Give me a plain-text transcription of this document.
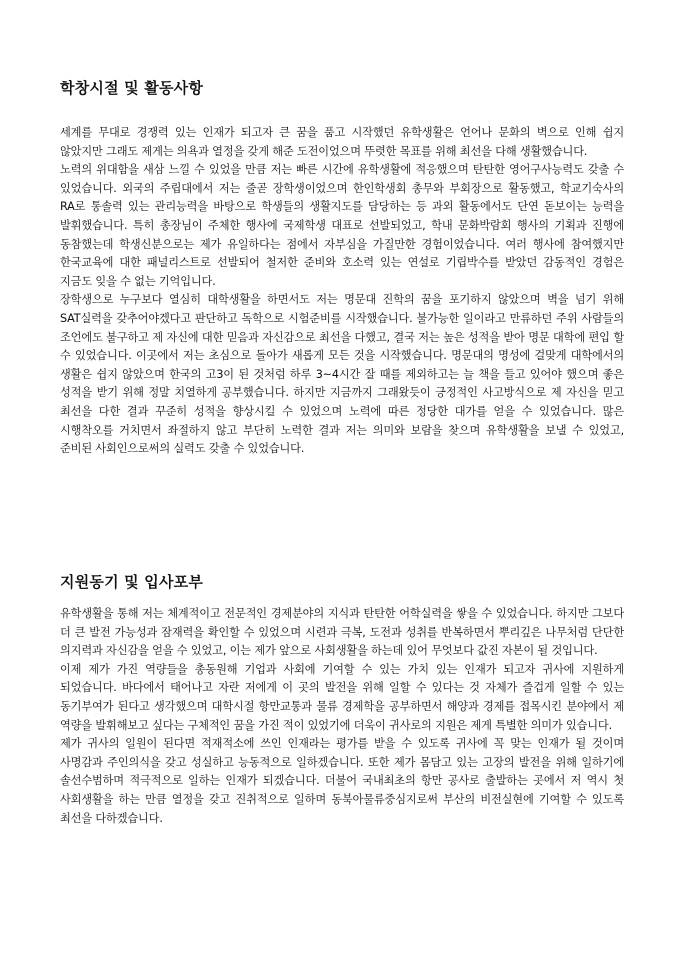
학창시절 및 활동사항

세계를 무대로 경쟁력 있는 인재가 되고자 큰 꿈을 품고 시작했던 유학생활은 언어나 문화의 벽으로 인해 쉽지 않았지만 그래도 제게는 의욕과 열정을 갖게 해준 도전이었으며 뚜렷한 목표를 위해 최선을 다해 생활했습니다.

노력의 위대함을 새삼 느낄 수 있었을 만큼 저는 빠른 시간에 유학생활에 적응했으며 탄탄한 영어구사능력도 갖출 수 있었습니다. 외국의 주립대에서 저는 줄곧 장학생이었으며 한인학생회 총무와 부회장으로 활동했고, 학교기숙사의 RA로 통솔력 있는 관리능력을 바탕으로 학생들의 생활지도를 담당하는 등 과외 활동에서도 단연 돋보이는 능력을 발휘했습니다. 특히 총장님이 주체한 행사에 국제학생 대표로 선발되었고, 학내 문화박람회 행사의 기획과 진행에 동참했는데 학생신분으로는 제가 유일하다는 점에서 자부심을 가질만한 경험이었습니다. 여러 행사에 참여했지만 한국교육에 대한 패널리스트로 선발되어 철저한 준비와 호소력 있는 연설로 기립박수를 받았던 감동적인 경험은 지금도 잊을 수 없는 기억입니다.

장학생으로 누구보다 열심히 대학생활을 하면서도 저는 명문대 진학의 꿈을 포기하지 않았으며 벽을 넘기 위해 SAT실력을 갖추어야겠다고 판단하고 독학으로 시험준비를 시작했습니다. 불가능한 일이라고 만류하던 주위 사람들의 조언에도 불구하고 제 자신에 대한 믿음과 자신감으로 최선을 다했고, 결국 저는 높은 성적을 받아 명문 대학에 편입 할 수 있었습니다. 이곳에서 저는 초심으로 돌아가 새롭게 모든 것을 시작했습니다. 명문대의 명성에 걸맞게 대학에서의 생활은 쉽지 않았으며 한국의 고3이 된 것처럼 하루 3~4시간 잘 때를 제외하고는 늘 책을 들고 있어야 했으며 좋은 성적을 받기 위해 정말 치열하게 공부했습니다. 하지만 지금까지 그래왔듯이 긍정적인 사고방식으로 제 자신을 믿고 최선을 다한 결과 꾸준히 성적을 향상시킬 수 있었으며 노력에 따른 정당한 대가를 얻을 수 있었습니다. 많은 시행착오를 거치면서 좌절하지 않고 부단히 노력한 결과 저는 의미와 보람을 찾으며 유학생활을 보낼 수 있었고, 준비된 사회인으로써의 실력도 갖출 수 있었습니다.

지원동기 및 입사포부

유학생활을 통해 저는 체계적이고 전문적인 경제분야의 지식과 탄탄한 어학실력을 쌓을 수 있었습니다. 하지만 그보다 더 큰 발전 가능성과 잠재력을 확인할 수 있었으며 시련과 극복, 도전과 성취를 반복하면서 뿌리깊은 나무처럼 단단한 의지력과 자신감을 얻을 수 있었고, 이는 제가 앞으로 사회생활을 하는데 있어 무엇보다 값진 자본이 될 것입니다.

이제 제가 가진 역량들을 총동원해 기업과 사회에 기여할 수 있는 가치 있는 인재가 되고자 귀사에 지원하게 되었습니다. 바다에서 태어나고 자란 저에게 이 곳의 발전을 위해 일할 수 있다는 것 자체가 즐겁게 일할 수 있는 동기부여가 된다고 생각했으며 대학시절 항만교통과 물류 경제학을 공부하면서 해양과 경제를 접목시킨 분야에서 제 역량을 발휘해보고 싶다는 구체적인 꿈을 가진 적이 있었기에 더욱이 귀사로의 지원은 제게 특별한 의미가 있습니다.

제가 귀사의 일원이 된다면 적재적소에 쓰인 인재라는 평가를 받을 수 있도록 귀사에 꼭 맞는 인재가 될 것이며 사명감과 주인의식을 갖고 성실하고 능동적으로 일하겠습니다. 또한 제가 몸담고 있는 고장의 발전을 위해 일하기에 솔선수범하며 적극적으로 일하는 인재가 되겠습니다. 더불어 국내최초의 항만 공사로 출발하는 곳에서 저 역시 첫 사회생활을 하는 만큼 열정을 갖고 진취적으로 일하며 동북아물류중심지로써 부산의 비전실현에 기여할 수 있도록 최선을 다하겠습니다.
